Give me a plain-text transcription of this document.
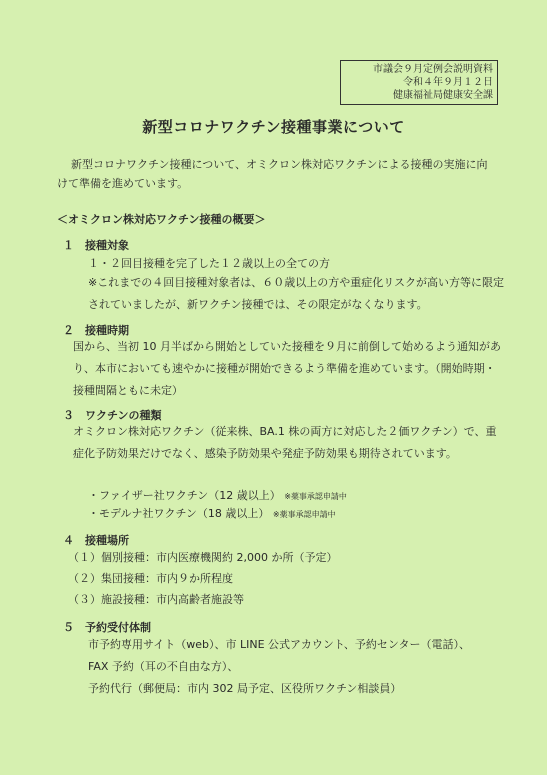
市議会９月定例会説明資料
令和４年９月１２日
健康福祉局健康安全課
新型コロナワクチン接種事業について
新型コロナワクチン接種について、オミクロン株対応ワクチンによる接種の実施に向けて準備を進めています。
＜オミクロン株対応ワクチン接種の概要＞
１ 接種対象
１・２回目接種を完了した１２歳以上の全ての方
※これまでの４回目接種対象者は、６０歳以上の方や重症化リスクが高い方等に限定されていましたが、新ワクチン接種では、その限定がなくなります。
２ 接種時期
国から、当初 10 月半ばから開始としていた接種を９月に前倒して始めるよう通知があり、本市においても速やかに接種が開始できるよう準備を進めています。（開始時期・接種間隔ともに未定）
３ ワクチンの種類
オミクロン株対応ワクチン（従来株、BA.1 株の両方に対応した２価ワクチン）で、重症化予防効果だけでなく、感染予防効果や発症予防効果も期待されています。
・ファイザー社ワクチン（12 歳以上） ※薬事承認申請中
・モデルナ社ワクチン（18 歳以上） ※薬事承認申請中
４ 接種場所
（１）個別接種：市内医療機関約 2,000 か所（予定）
（２）集団接種：市内９か所程度
（３）施設接種：市内高齢者施設等
５ 予約受付体制
市予約専用サイト（web）、市 LINE 公式アカウント、予約センター（電話）、
FAX 予約（耳の不自由な方）、
予約代行（郵便局：市内 302 局予定、区役所ワクチン相談員）
